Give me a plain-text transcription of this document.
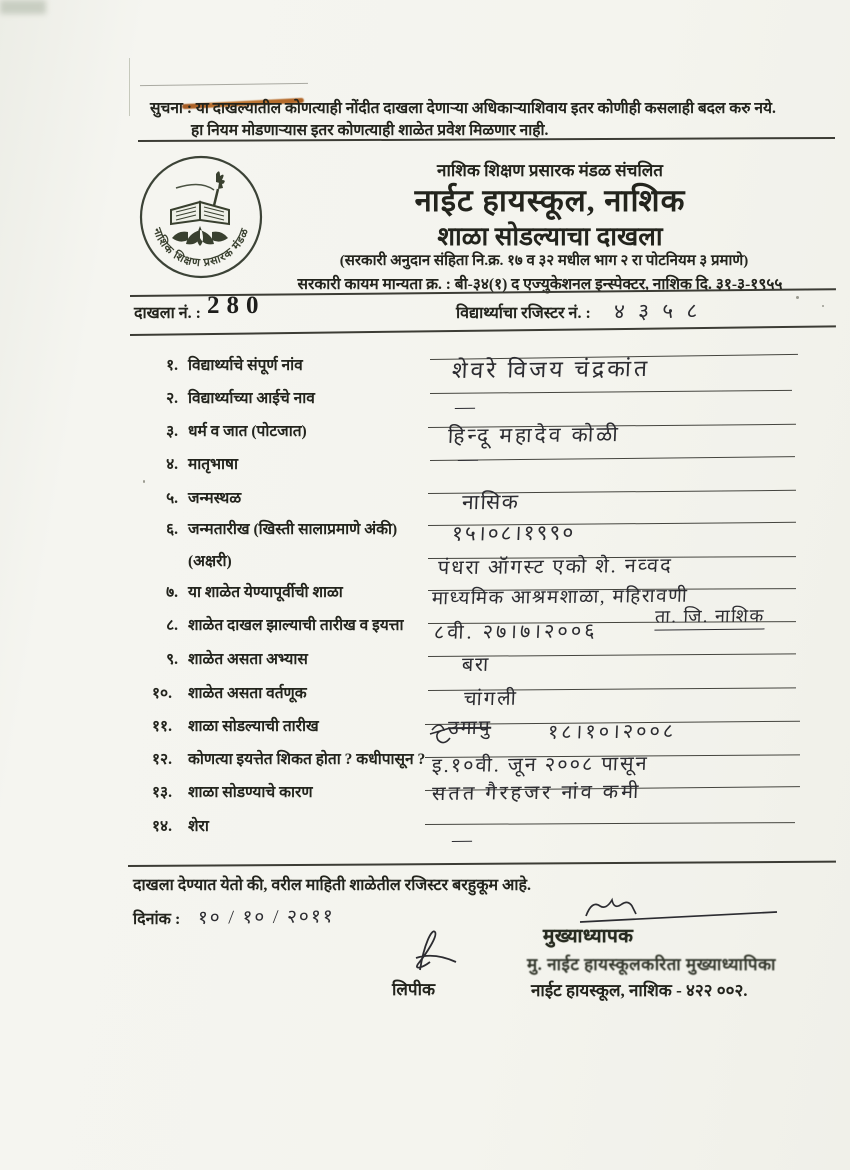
सुचना : या दाखल्यातील कोणत्याही नोंदीत दाखला देणाऱ्या अधिकाऱ्याशिवाय इतर कोणीही कसलाही बदल करु नये.
हा नियम मोडणाऱ्यास इतर कोणत्याही शाळेत प्रवेश मिळणार नाही.
नाशिक शिक्षण प्रसारक मंडळ
नाशिक शिक्षण प्रसारक मंडळ संचलित
नाईट हायस्कूल, नाशिक
शाळा सोडल्याचा दाखला
(सरकारी अनुदान संहिता नि.क्र. १७ व ३२ मधील भाग २ रा पोटनियम ३ प्रमाणे)
सरकारी कायम मान्यता क्र. : बी-३४(१) द एज्युकेशनल इन्स्पेक्टर, नाशिक दि. ३१-३-१९५५
दाखला नं. : 280	विद्यार्थ्याचा रजिस्टर नं. : ४ ३ ५ ८
१. विद्यार्थ्याचे संपूर्ण नांव
२. विद्यार्थ्याच्या आईचे नाव
३. धर्म व जात (पोटजात)
४. मातृभाषा
५. जन्मस्थळ
६. जन्मतारीख (खिस्ती सालाप्रमाणे अंकी)
(अक्षरी)
७. या शाळेत येण्यापूर्वीची शाळा
८. शाळेत दाखल झाल्याची तारीख व इयत्ता
९. शाळेत असता अभ्यास
१०. शाळेत असता वर्तणूक
११. शाळा सोडल्याची तारीख
१२. कोणत्या इयत्तेत शिकत होता ? कधीपासून ?
१३. शाळा सोडण्याचे कारण
१४. शेरा
शेवरे विजय चंद्रकांत
—
हिन्दू महादेव कोळी
—
नासिक
१५।०८।१९९०
पंधरा ऑगस्ट एको शे. नव्वद
माध्यमिक आश्रमशाळा, महिरावणी
ता. जि. नाशिक
८वी. २७।७।२००६
बरा
चांगली
उगापु	१८।१०।२००८
इ.१०वी. जून २००८ पासून
सतत गैरहजर नांव कमी
—
दाखला देण्यात येतो की, वरील माहिती शाळेतील रजिस्टर बरहुकूम आहे.
दिनांक : १० / १० / २०११
लिपीक
मुख्याध्यापक
मु. नाईट हायस्कूलकरिता मुख्याध्यापिका
नाईट हायस्कूल, नाशिक - ४२२ ००२.
